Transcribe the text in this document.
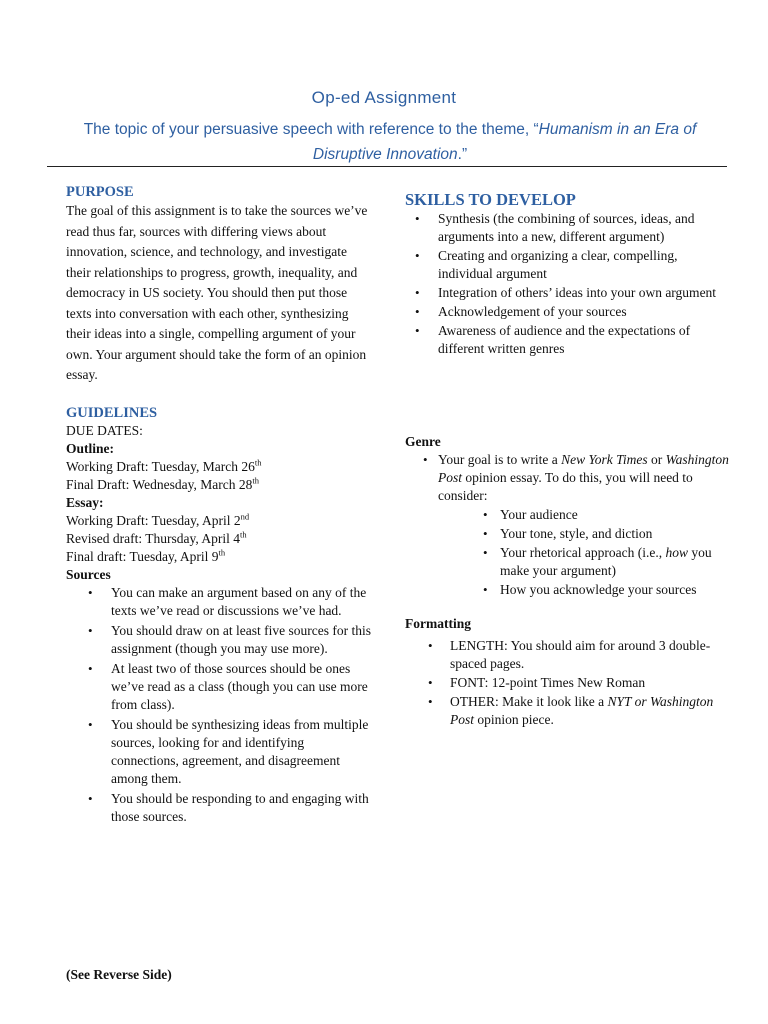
Op-ed Assignment
The topic of your persuasive speech with reference to the theme, “Humanism in an Era of Disruptive Innovation.”
PURPOSE

The goal of this assignment is to take the sources we’ve read thus far, sources with differing views about innovation, science, and technology, and investigate their relationships to progress, growth, inequality, and democracy in US society. You should then put those texts into conversation with each other, synthesizing their ideas into a single, compelling argument of your own. Your argument should take the form of an opinion essay.

GUIDELINES
DUE DATES:
Outline:
Working Draft: Tuesday, March 26th
Final Draft: Wednesday, March 28th
Essay:
Working Draft: Tuesday, April 2nd
Revised draft: Thursday, April 4th
Final draft: Tuesday, April 9th
Sources
• You can make an argument based on any of the texts we’ve read or discussions we’ve had.
• You should draw on at least five sources for this assignment (though you may use more).
• At least two of those sources should be ones we’ve read as a class (though you can use more from class).
• You should be synthesizing ideas from multiple sources, looking for and identifying connections, agreement, and disagreement among them.
• You should be responding to and engaging with those sources.
SKILLS TO DEVELOP
• Synthesis (the combining of sources, ideas, and arguments into a new, different argument)
• Creating and organizing a clear, compelling, individual argument
• Integration of others’ ideas into your own argument
• Acknowledgement of your sources
• Awareness of audience and the expectations of different written genres
Genre
• Your goal is to write a New York Times or Washington Post opinion essay. To do this, you will need to consider:
• Your audience
• Your tone, style, and diction
• Your rhetorical approach (i.e., how you make your argument)
• How you acknowledge your sources
Formatting
• LENGTH: You should aim for around 3 double-spaced pages.
• FONT: 12-point Times New Roman
• OTHER: Make it look like a NYT or Washington Post opinion piece.
(See Reverse Side)
